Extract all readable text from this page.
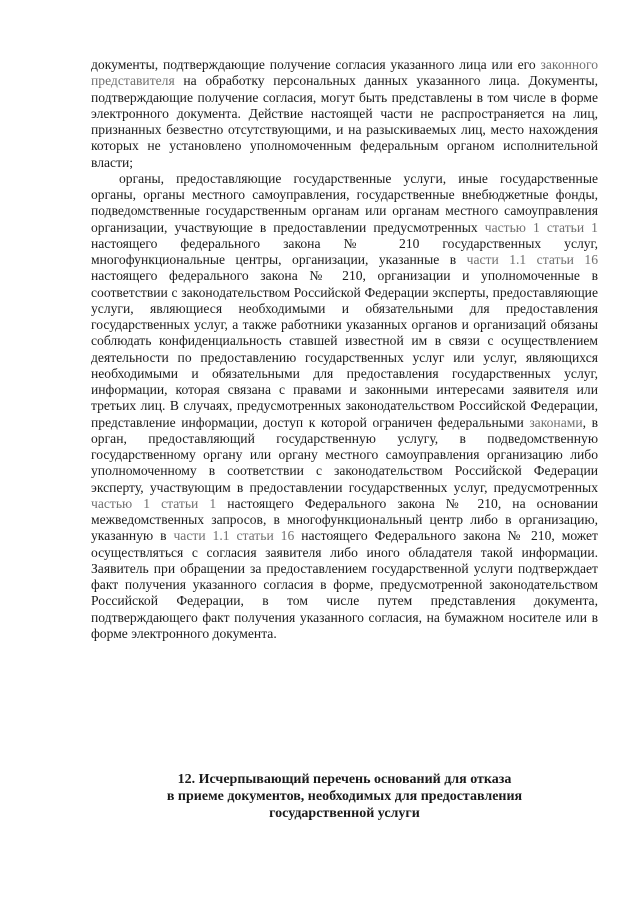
документы, подтверждающие получение согласия указанного лица или его законного представителя на обработку персональных данных указанного лица. Документы, подтверждающие получение согласия, могут быть представлены в том числе в форме электронного документа. Действие настоящей части не распространяется на лиц, признанных безвестно отсутствующими, и на разыскиваемых лиц, место нахождения которых не установлено уполномоченным федеральным органом исполнительной власти;

органы, предоставляющие государственные услуги, иные государственные органы, органы местного самоуправления, государственные внебюджетные фонды, подведомственные государственным органам или органам местного самоуправления организации, участвующие в предоставлении предусмотренных частью 1 статьи 1 настоящего федерального закона № 210 государственных услуг, многофункциональные центры, организации, указанные в части 1.1 статьи 16 настоящего федерального закона № 210, организации и уполномоченные в соответствии с законодательством Российской Федерации эксперты, предоставляющие услуги, являющиеся необходимыми и обязательными для предоставления государственных услуг, а также работники указанных органов и организаций обязаны соблюдать конфиденциальность ставшей известной им в связи с осуществлением деятельности по предоставлению государственных услуг или услуг, являющихся необходимыми и обязательными для предоставления государственных услуг, информации, которая связана с правами и законными интересами заявителя или третьих лиц. В случаях, предусмотренных законодательством Российской Федерации, представление информации, доступ к которой ограничен федеральными законами, в орган, предоставляющий государственную услугу, в подведомственную государственному органу или органу местного самоуправления организацию либо уполномоченному в соответствии с законодательством Российской Федерации эксперту, участвующим в предоставлении государственных услуг, предусмотренных частью 1 статьи 1 настоящего Федерального закона № 210, на основании межведомственных запросов, в многофункциональный центр либо в организацию, указанную в части 1.1 статьи 16 настоящего Федерального закона № 210, может осуществляться с согласия заявителя либо иного обладателя такой информации. Заявитель при обращении за предоставлением государственной услуги подтверждает факт получения указанного согласия в форме, предусмотренной законодательством Российской Федерации, в том числе путем представления документа, подтверждающего факт получения указанного согласия, на бумажном носителе или в форме электронного документа.

12. Исчерпывающий перечень оснований для отказа
в приеме документов, необходимых для предоставления
государственной услуги
